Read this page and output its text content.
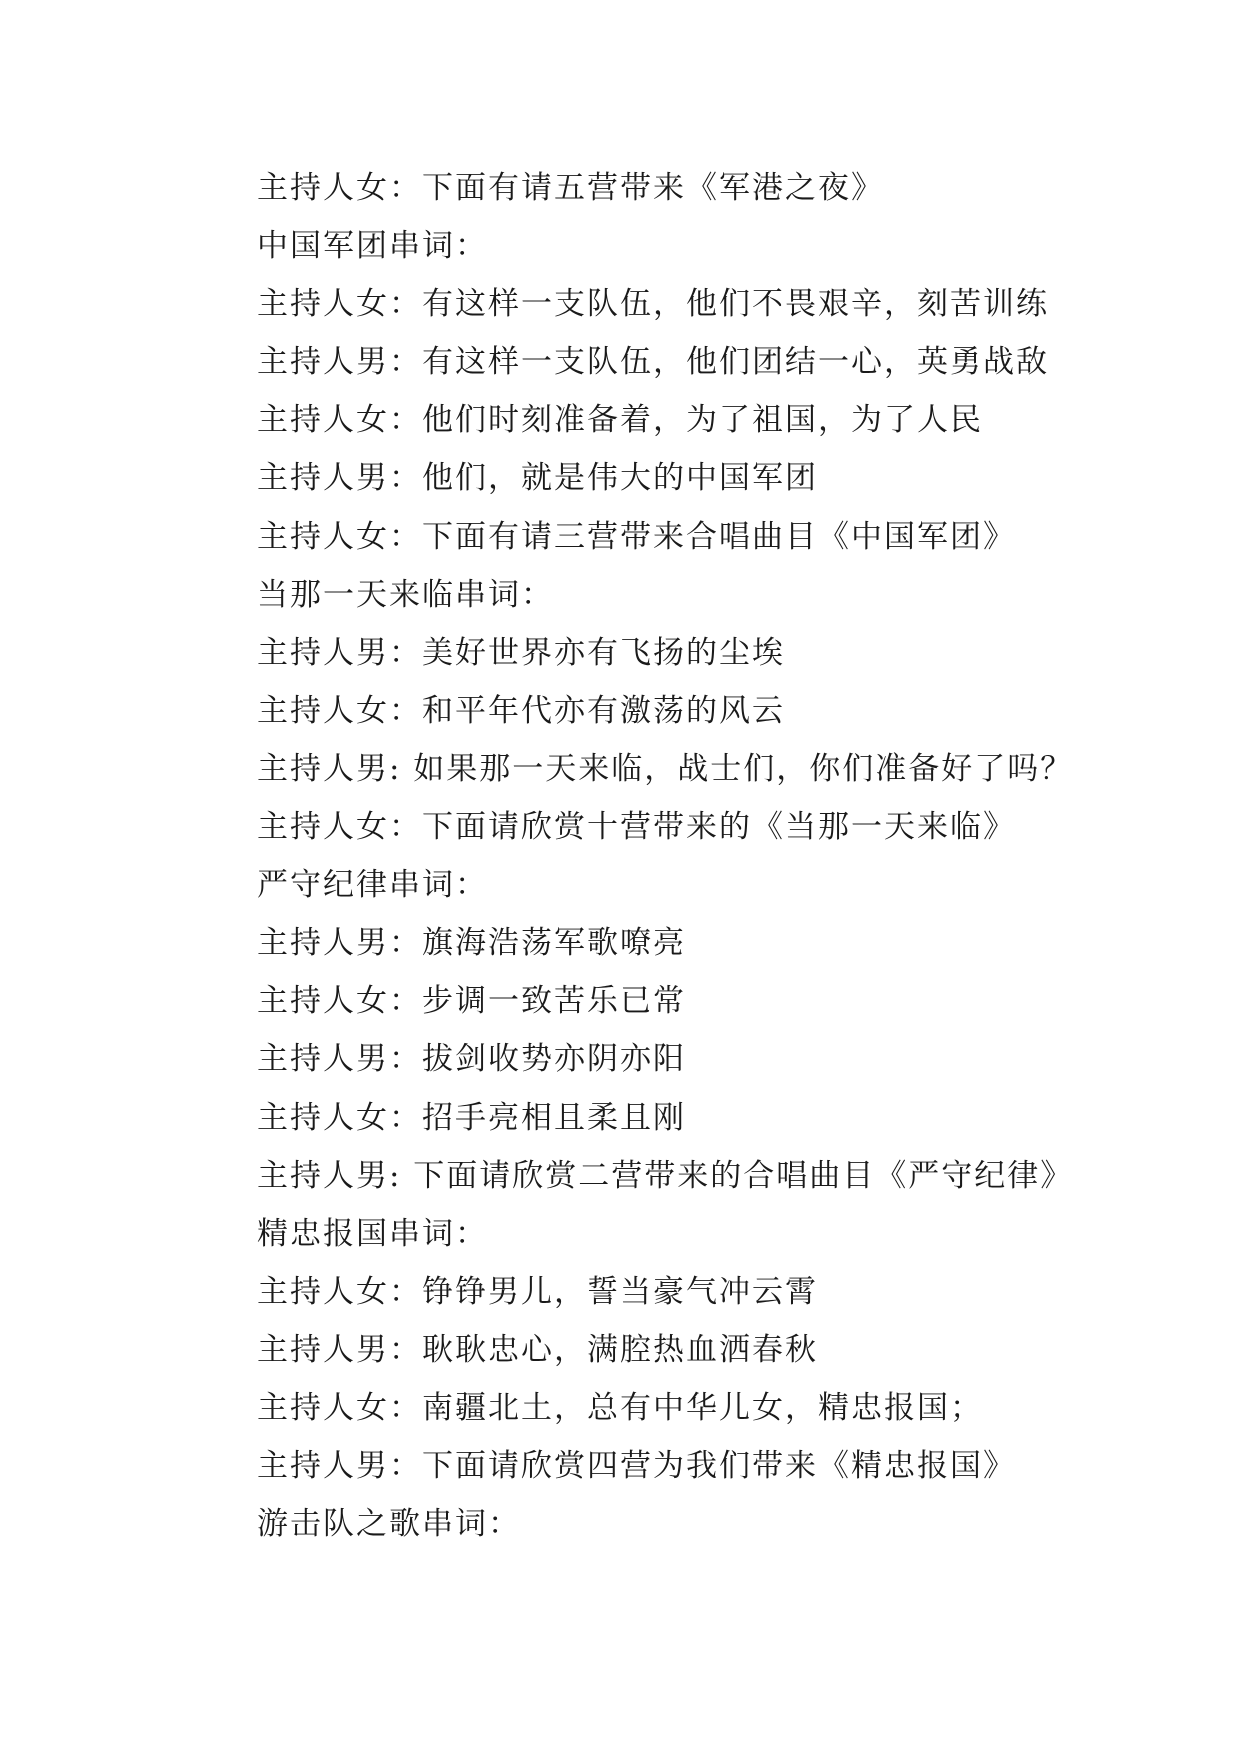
主持人女：下面有请五营带来《军港之夜》
中国军团串词：
主持人女：有这样一支队伍，他们不畏艰辛，刻苦训练
主持人男：有这样一支队伍，他们团结一心，英勇战敌
主持人女：他们时刻准备着，为了祖国，为了人民
主持人男：他们，就是伟大的中国军团
主持人女：下面有请三营带来合唱曲目《中国军团》
当那一天来临串词：
主持人男：美好世界亦有飞扬的尘埃
主持人女：和平年代亦有激荡的风云
主持人男: 如果那一天来临，战士们，你们准备好了吗？
主持人女：下面请欣赏十营带来的《当那一天来临》
严守纪律串词：
主持人男：旗海浩荡军歌嘹亮
主持人女：步调一致苦乐已常
主持人男：拔剑收势亦阴亦阳
主持人女：招手亮相且柔且刚
主持人男: 下面请欣赏二营带来的合唱曲目《严守纪律》
精忠报国串词：
主持人女：铮铮男儿，誓当豪气冲云霄
主持人男：耿耿忠心，满腔热血洒春秋
主持人女：南疆北土，总有中华儿女，精忠报国；
主持人男：下面请欣赏四营为我们带来《精忠报国》
游击队之歌串词：
